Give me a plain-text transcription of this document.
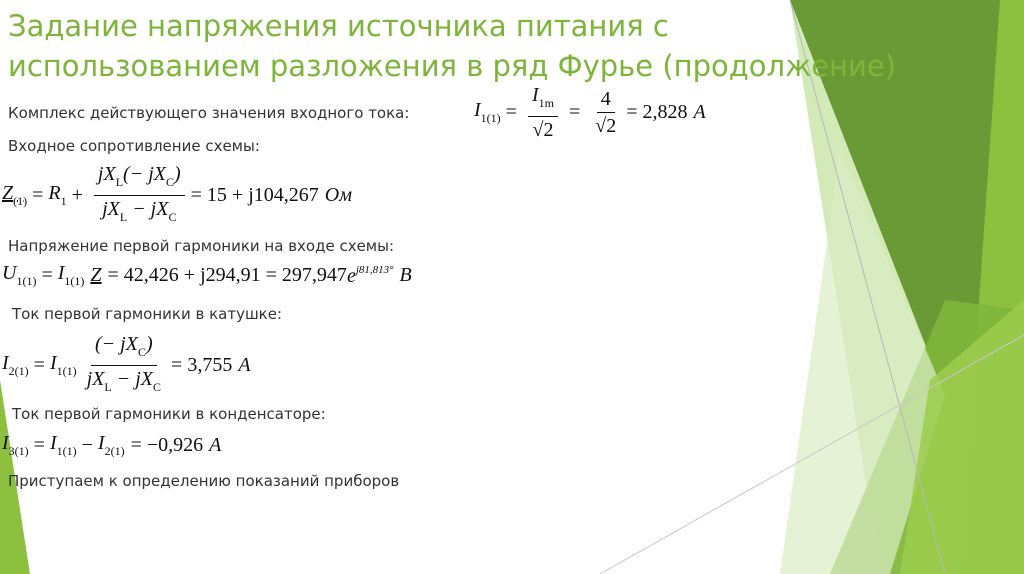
Задание напряжения источника питания с
использованием разложения в ряд Фурье (продолжение)
Комплекс действующего значения входного тока:	$I_{1(1)} = \frac{I_{1m}}{√2} = \frac{4}{√2} = 2,828$ A
Входное сопротивление схемы:
$Z_{(1)} = R_1 + \frac{jX_L(- jX_C)}{jX_L - jX_C} = 15 + j104,267$ Ом
Напряжение первой гармоники на входе схемы:
$U_{1(1)} = I_{1(1)}$ Z = 42,426 + j294,91 = 297,947 $e^{j81,813^\circ}$ B
Ток первой гармоники в катушке:
$I_{2(1)} = I_{1(1)} \frac{(- jX_C)}{jX_L - jX_C} = 3,755$ A
Ток первой гармоники в конденсаторе:
$I_{3(1)} = I_{1(1)} - I_{2(1)} = -0,926$ A
Приступаем к определению показаний приборов
